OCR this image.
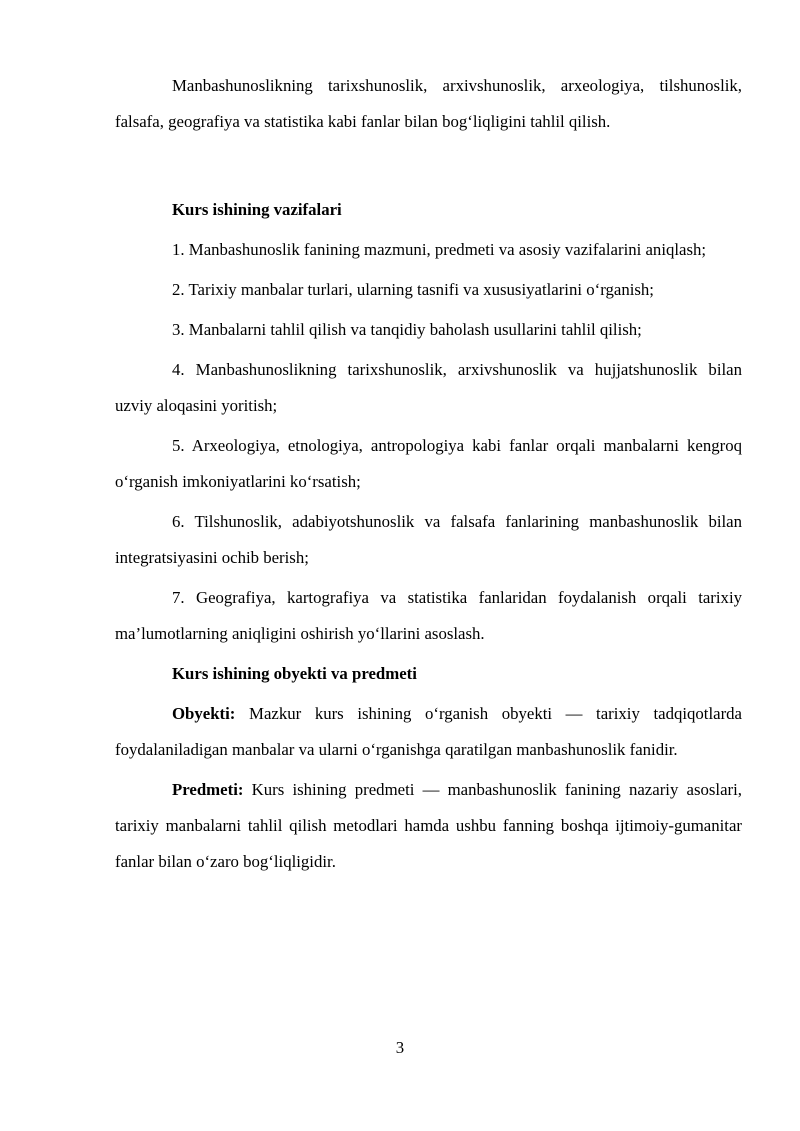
Manbashunoslikning tarixshunoslik, arxivshunoslik, arxeologiya, tilshunoslik, falsafa, geografiya va statistika kabi fanlar bilan bog‘liqligini tahlil qilish.

Kurs ishining vazifalari

1. Manbashunoslik fanining mazmuni, predmeti va asosiy vazifalarini aniqlash;

2. Tarixiy manbalar turlari, ularning tasnifi va xususiyatlarini o‘rganish;

3. Manbalarni tahlil qilish va tanqidiy baholash usullarini tahlil qilish;

4. Manbashunoslikning tarixshunoslik, arxivshunoslik va hujjatshunoslik bilan uzviy aloqasini yoritish;

5. Arxeologiya, etnologiya, antropologiya kabi fanlar orqali manbalarni kengroq o‘rganish imkoniyatlarini ko‘rsatish;

6. Tilshunoslik, adabiyotshunoslik va falsafa fanlarining manbashunoslik bilan integratsiyasini ochib berish;

7. Geografiya, kartografiya va statistika fanlaridan foydalanish orqali tarixiy ma’lumotlarning aniqligini oshirish yo‘llarini asoslash.

Kurs ishining obyekti va predmeti

Obyekti: Mazkur kurs ishining o‘rganish obyekti — tarixiy tadqiqotlarda foydalaniladigan manbalar va ularni o‘rganishga qaratilgan manbashunoslik fanidir.

Predmeti: Kurs ishining predmeti — manbashunoslik fanining nazariy asoslari, tarixiy manbalarni tahlil qilish metodlari hamda ushbu fanning boshqa ijtimoiy-gumanitar fanlar bilan o‘zaro bog‘liqligidir.

3
